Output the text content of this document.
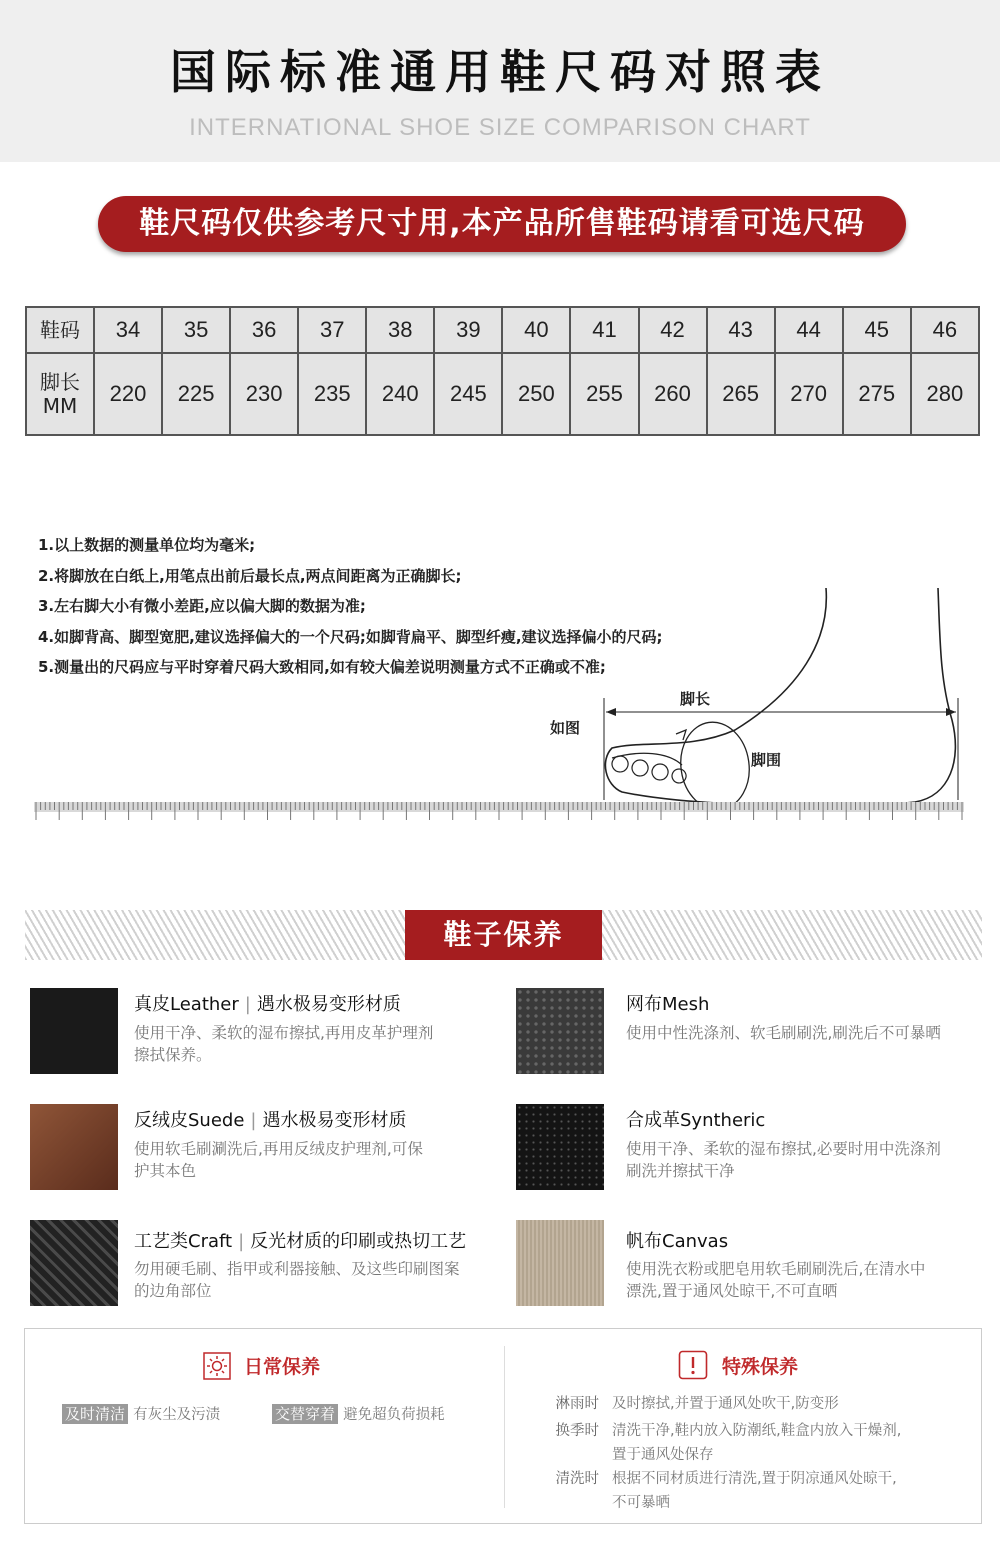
国际标准通用鞋尺码对照表
INTERNATIONAL SHOE SIZE COMPARISON CHART
鞋尺码仅供参考尺寸用,本产品所售鞋码请看可选尺码
鞋码	34	35	36	37	38	39	40	41	42	43	44	45	46

脚长
MM	220	225	230	235	240	245	250	255	260	265	270	275	280
1.以上数据的测量单位均为毫米;
2.将脚放在白纸上,用笔点出前后最长点,两点间距离为正确脚长;
3.左右脚大小有微小差距,应以偏大脚的数据为准;
4.如脚背高、脚型宽肥,建议选择偏大的一个尺码;如脚背扁平、脚型纤瘦,建议选择偏小的尺码;
5.测量出的尺码应与平时穿着尺码大致相同,如有较大偏差说明测量方式不正确或不准;
如图
脚长
脚围
鞋子保养
真皮Leather | 遇水极易变形材质
使用干净、柔软的湿布擦拭,再用皮革护理剂
擦拭保养。
反绒皮Suede | 遇水极易变形材质
使用软毛刷涮洗后,再用反绒皮护理剂,可保
护其本色
工艺类Craft | 反光材质的印刷或热切工艺
勿用硬毛刷、指甲或利器接触、及这些印刷图案
的边角部位
网布Mesh
使用中性洗涤剂、软毛刷刷洗,刷洗后不可暴晒
合成革Syntheric
使用干净、柔软的湿布擦拭,必要时用中洗涤剂
刷洗并擦拭干净
帆布Canvas
使用洗衣粉或肥皂用软毛刷刷洗后,在清水中
漂洗,置于通风处晾干,不可直晒
日常保养
及时清洁 有灰尘及污渍	交替穿着 避免超负荷损耗
特殊保养
淋雨时 及时擦拭,并置于通风处吹干,防变形
换季时 清洗干净,鞋内放入防潮纸,鞋盒内放入干燥剂,
置于通风处保存
清洗时 根据不同材质进行清洗,置于阴凉通风处晾干,
不可暴晒
